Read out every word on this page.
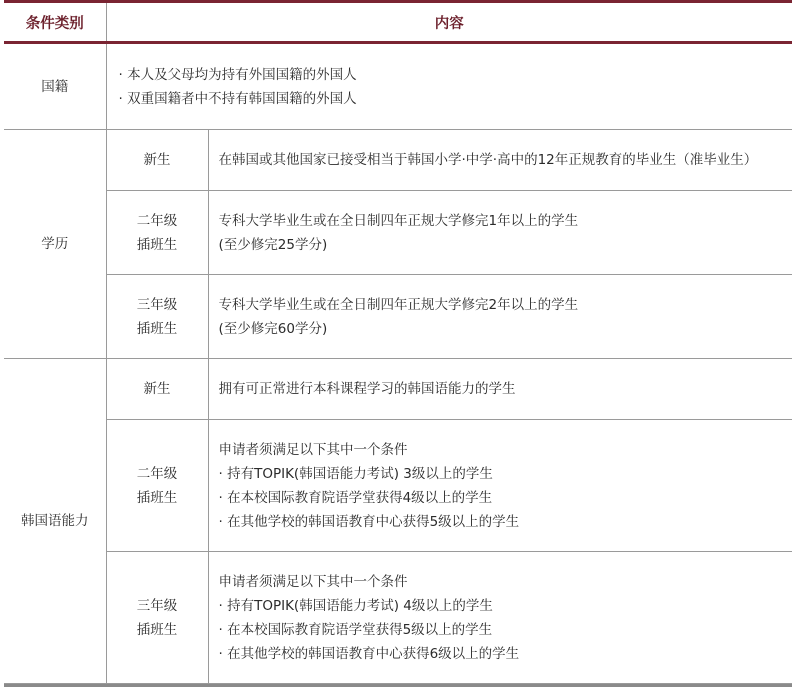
条件类别	内容	
国籍	· 本人及父母均为持有外国国籍的外国人
· 双重国籍者中不持有韩国国籍的外国人	

学历	新生	在韩国或其他国家已接受相当于韩国小学·中学·高中的12年正规教育的毕业生（准毕业生）

	二年级
插班生	专科大学毕业生或在全日制四年正规大学修完1年以上的学生
(至少修完25学分)

	三年级
插班生	专科大学毕业生或在全日制四年正规大学修完2年以上的学生
(至少修完60学分)

韩国语能力	新生	拥有可正常进行本科课程学习的韩国语能力的学生

	二年级
插班生	申请者须满足以下其中一个条件
· 持有TOPIK(韩国语能力考试) 3级以上的学生
· 在本校国际教育院语学堂获得4级以上的学生
· 在其他学校的韩国语教育中心获得5级以上的学生

	三年级
插班生	申请者须满足以下其中一个条件
· 持有TOPIK(韩国语能力考试) 4级以上的学生
· 在本校国际教育院语学堂获得5级以上的学生
· 在其他学校的韩国语教育中心获得6级以上的学生
